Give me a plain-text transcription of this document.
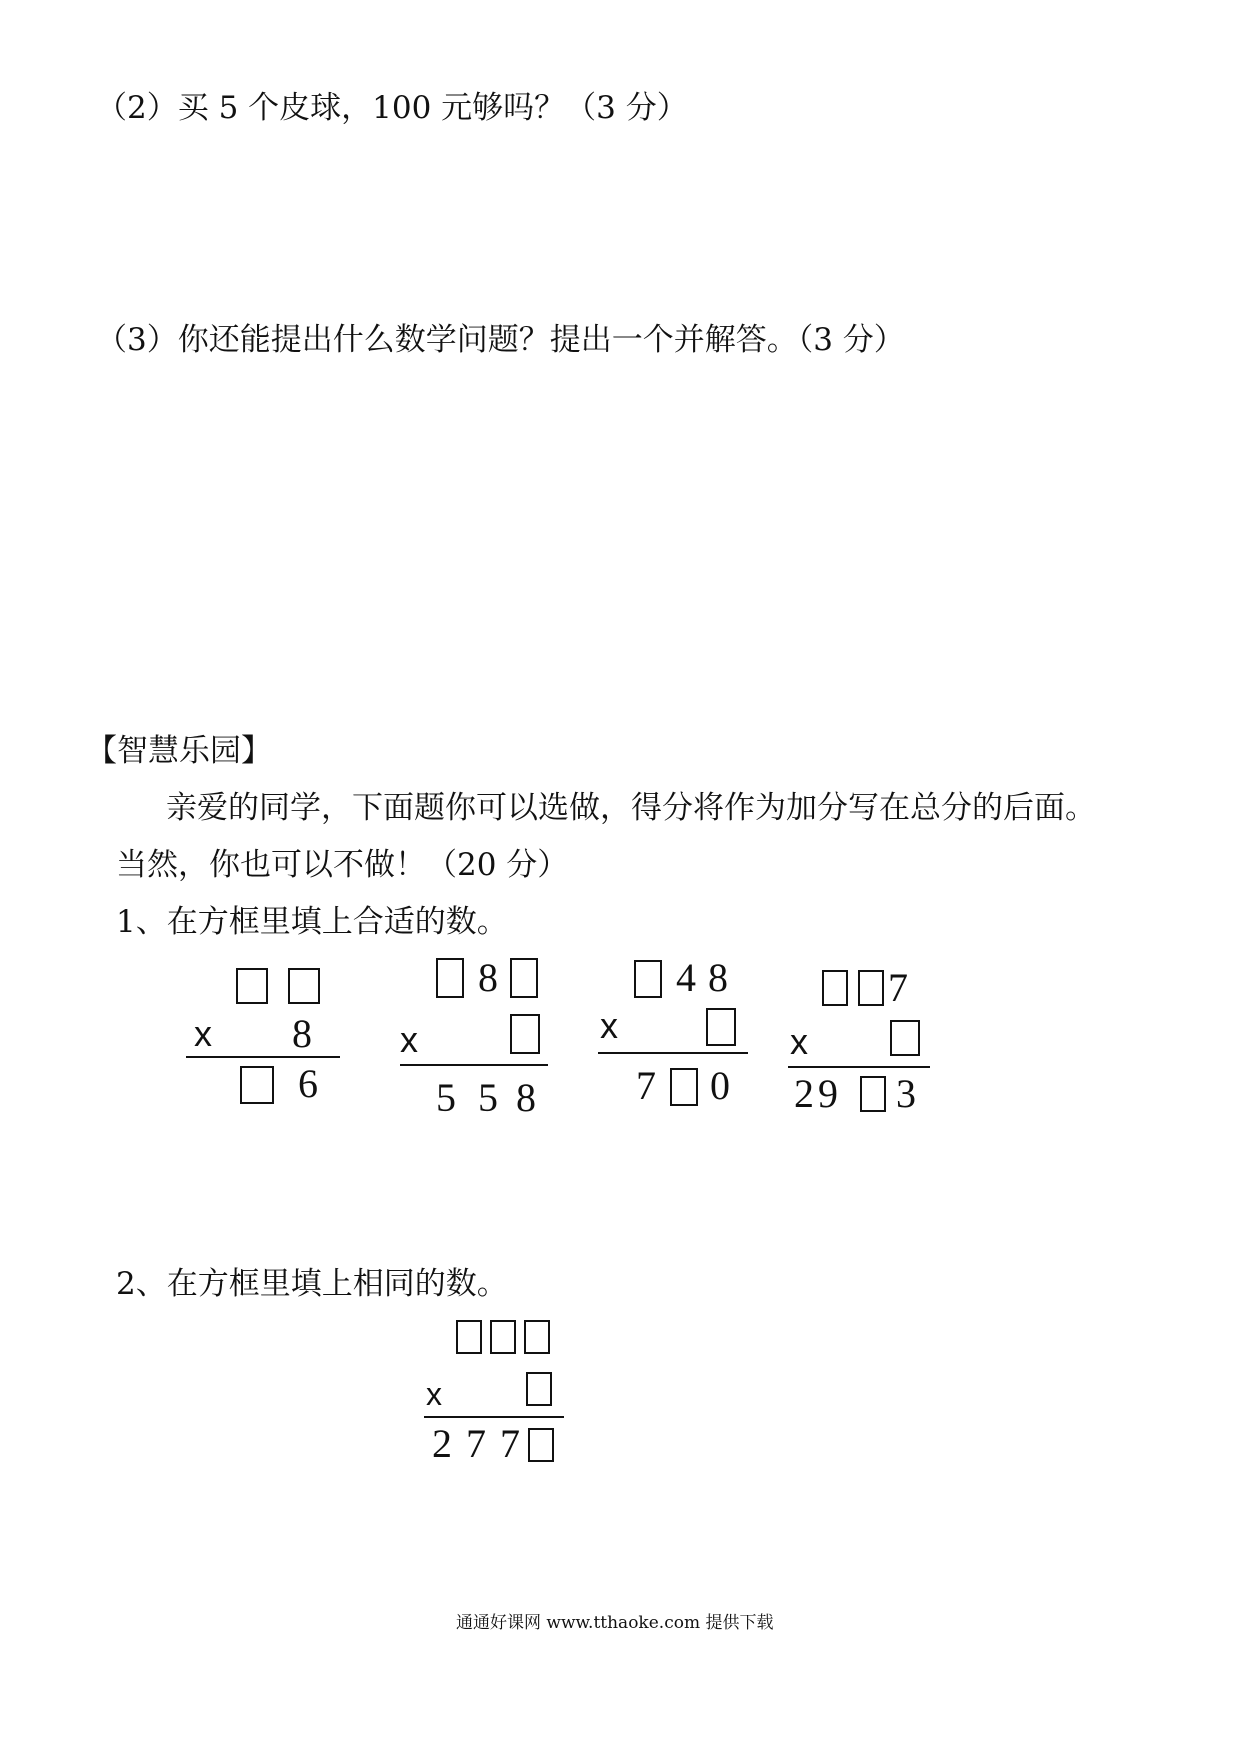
（2）买 5 个皮球，100 元够吗？（3 分）
（3）你还能提出什么数学问题？提出一个并解答。（3 分）
【智慧乐园】
亲爱的同学，下面题你可以选做，得分将作为加分写在总分的后面。
当然，你也可以不做！（20 分）
1、在方框里填上合适的数。
x 8
6
8
x
5 5 8
4 8
x
7 0
7
x
29 3
2、在方框里填上相同的数。
x
2 7 7
通通好课网 www.tthaoke.com 提供下载
